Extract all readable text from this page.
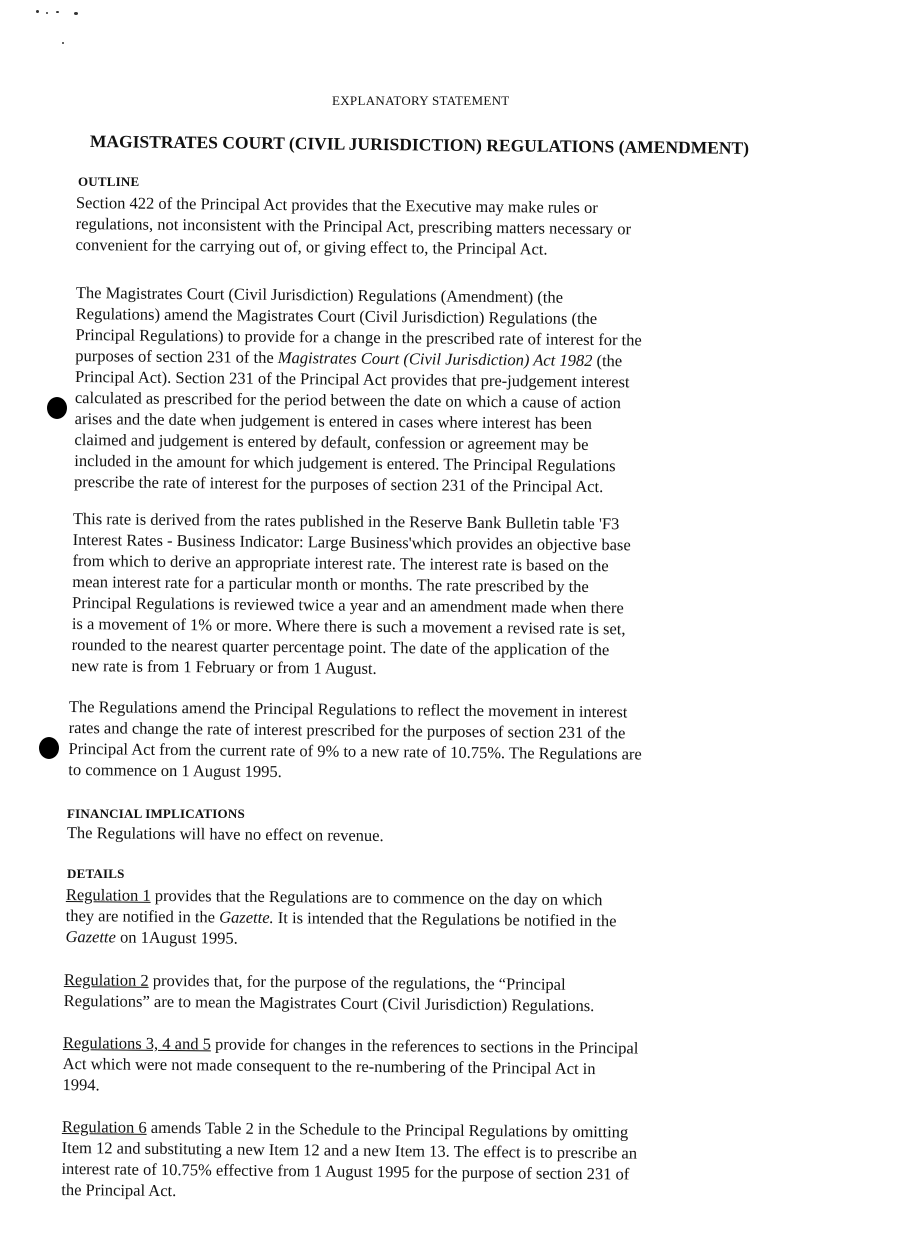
EXPLANATORY STATEMENT
MAGISTRATES COURT (CIVIL JURISDICTION) REGULATIONS (AMENDMENT)
OUTLINE
Section 422 of the Principal Act provides that the Executive may make rules or
regulations, not inconsistent with the Principal Act, prescribing matters necessary or
convenient for the carrying out of, or giving effect to, the Principal Act.
The Magistrates Court (Civil Jurisdiction) Regulations (Amendment) (the
Regulations) amend the Magistrates Court (Civil Jurisdiction) Regulations (the
Principal Regulations) to provide for a change in the prescribed rate of interest for the
purposes of section 231 of the Magistrates Court (Civil Jurisdiction) Act 1982 (the
Principal Act). Section 231 of the Principal Act provides that pre-judgement interest
calculated as prescribed for the period between the date on which a cause of action
arises and the date when judgement is entered in cases where interest has been
claimed and judgement is entered by default, confession or agreement may be
included in the amount for which judgement is entered. The Principal Regulations
prescribe the rate of interest for the purposes of section 231 of the Principal Act.
This rate is derived from the rates published in the Reserve Bank Bulletin table 'F3
Interest Rates - Business Indicator: Large Business'which provides an objective base
from which to derive an appropriate interest rate. The interest rate is based on the
mean interest rate for a particular month or months. The rate prescribed by the
Principal Regulations is reviewed twice a year and an amendment made when there
is a movement of 1% or more. Where there is such a movement a revised rate is set,
rounded to the nearest quarter percentage point. The date of the application of the
new rate is from 1 February or from 1 August.
The Regulations amend the Principal Regulations to reflect the movement in interest
rates and change the rate of interest prescribed for the purposes of section 231 of the
Principal Act from the current rate of 9% to a new rate of 10.75%. The Regulations are
to commence on 1 August 1995.
FINANCIAL IMPLICATIONS
The Regulations will have no effect on revenue.
DETAILS
Regulation 1 provides that the Regulations are to commence on the day on which
they are notified in the Gazette. It is intended that the Regulations be notified in the
Gazette on 1August 1995.
Regulation 2 provides that, for the purpose of the regulations, the “Principal
Regulations” are to mean the Magistrates Court (Civil Jurisdiction) Regulations.
Regulations 3, 4 and 5 provide for changes in the references to sections in the Principal
Act which were not made consequent to the re-numbering of the Principal Act in
1994.
Regulation 6 amends Table 2 in the Schedule to the Principal Regulations by omitting
Item 12 and substituting a new Item 12 and a new Item 13. The effect is to prescribe an
interest rate of 10.75% effective from 1 August 1995 for the purpose of section 231 of
the Principal Act.
